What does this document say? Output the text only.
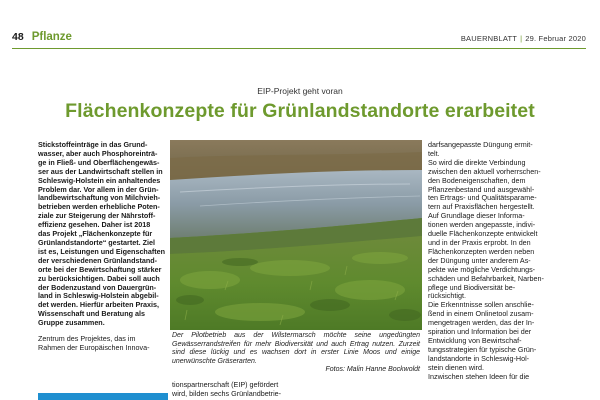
48 Pflanze	BAUERNBLATT | 29. Februar 2020
EIP-Projekt geht voran
Flächenkonzepte für Grünlandstandorte erarbeitet
Stickstoffeinträge in das Grund-
wasser, aber auch Phosphoreinträ-
ge in Fließ- und Oberflächengewäs-
ser aus der Landwirtschaft stellen in
Schleswig-Holstein ein anhaltendes
Problem dar. Vor allem in der Grün-
landbewirtschaftung von Milchvieh-
betrieben werden erhebliche Poten-
ziale zur Steigerung der Nährstoff-
effizienz gesehen. Daher ist 2018
das Projekt „Flächenkonzepte für
Grünlandstandorte“ gestartet. Ziel
ist es, Leistungen und Eigenschaften
der verschiedenen Grünlandstand-
orte bei der Bewirtschaftung stärker
zu berücksichtigen. Dabei soll auch
der Bodenzustand von Dauergrün-
land in Schleswig-Holstein abgebil-
det werden. Hierfür arbeiten Praxis,
Wissenschaft und Beratung als
Gruppe zusammen.
Zentrum des Projektes, das im
Rahmen der Europäischen Innova-
Der Pilotbetrieb aus der Wilstermarsch möchte seine ungedüngten Gewässerrandstreifen für mehr Biodiversität und auch Ertrag nutzen. Zurzeit sind diese lückig und es wachsen dort in erster Linie Moos und einige unerwünschte Gräserarten.
Fotos: Malin Hanne Bockwoldt
tionspartnerschaft (EIP) gefördert
wird, bilden sechs Grünlandbetrie-
darfsangepasste Düngung ermit-
telt.
So wird die direkte Verbindung
zwischen den aktuell vorherrschen-
den Bodeneigenschaften, dem
Pflanzenbestand und ausgewähl-
ten Ertrags- und Qualitätsparame-
tern auf Praxisflächen hergestellt.
Auf Grundlage dieser Informa-
tionen werden angepasste, indivi-
duelle Flächenkonzepte entwickelt
und in der Praxis erprobt. In den
Flächenkonzepten werden neben
der Düngung unter anderem As-
pekte wie mögliche Verdichtungs-
schäden und Befahrbarkeit, Narben-
pflege und Biodiversität be-
rücksichtigt.
Die Erkenntnisse sollen anschlie-
ßend in einem Onlinetool zusam-
mengetragen werden, das der In-
spiration und Information bei der
Entwicklung von Bewirtschaf-
tungsstrategien für typische Grün-
landstandorte in Schleswig-Hol-
stein dienen wird.
Inzwischen stehen Ideen für die
